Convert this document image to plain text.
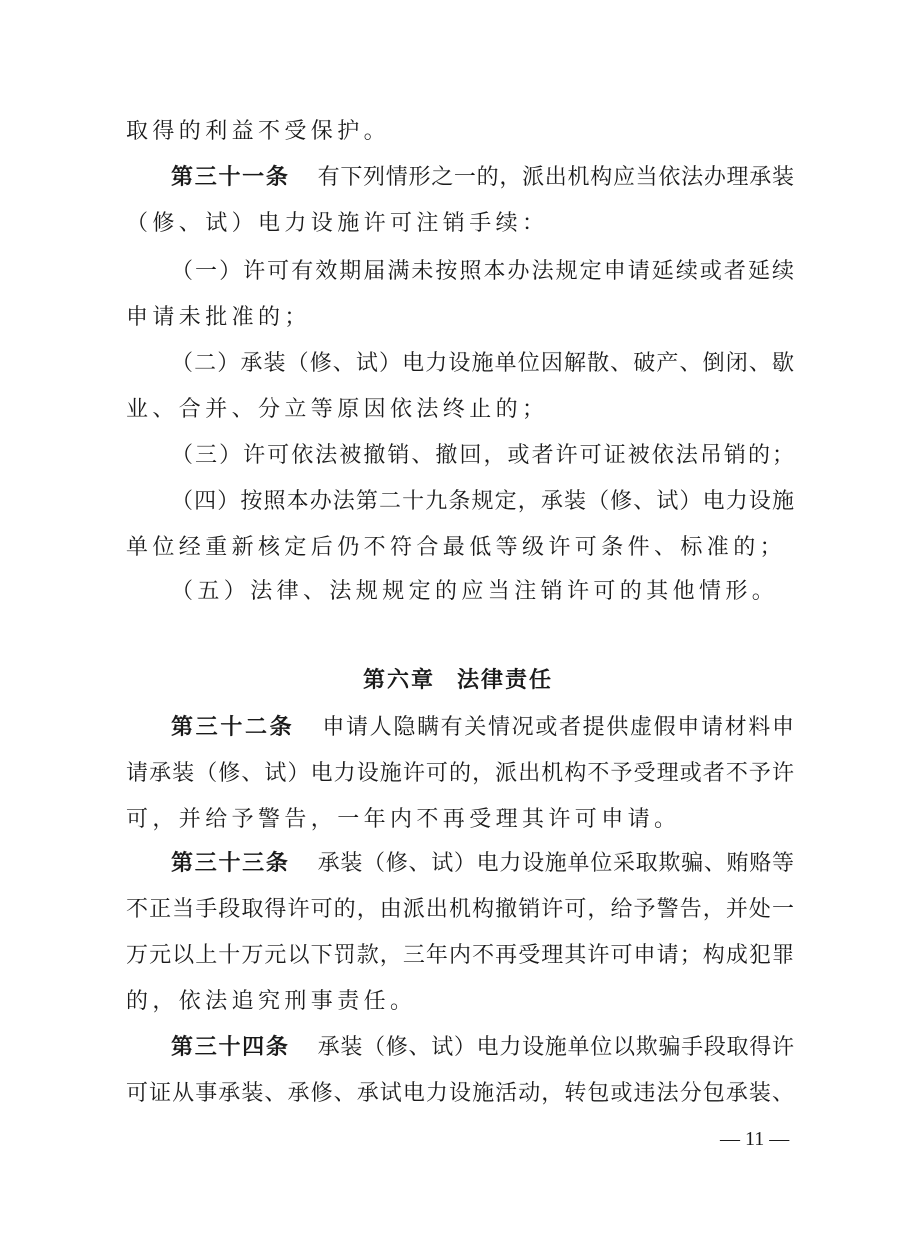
取得的利益不受保护。
第三十一条 有下列情形之一的，派出机构应当依法办理承装
（修、试）电力设施许可注销手续：
（一）许可有效期届满未按照本办法规定申请延续或者延续
申请未批准的；
（二）承装（修、试）电力设施单位因解散、破产、倒闭、歇
业、合并、分立等原因依法终止的；
（三）许可依法被撤销、撤回，或者许可证被依法吊销的；
（四）按照本办法第二十九条规定，承装（修、试）电力设施
单位经重新核定后仍不符合最低等级许可条件、标准的；
（五）法律、法规规定的应当注销许可的其他情形。
第六章 法律责任
第三十二条 申请人隐瞒有关情况或者提供虚假申请材料申
请承装（修、试）电力设施许可的，派出机构不予受理或者不予许
可，并给予警告，一年内不再受理其许可申请。
第三十三条 承装（修、试）电力设施单位采取欺骗、贿赂等
不正当手段取得许可的，由派出机构撤销许可，给予警告，并处一
万元以上十万元以下罚款，三年内不再受理其许可申请；构成犯罪
的，依法追究刑事责任。
第三十四条 承装（修、试）电力设施单位以欺骗手段取得许
可证从事承装、承修、承试电力设施活动，转包或违法分包承装、
— 11 —
